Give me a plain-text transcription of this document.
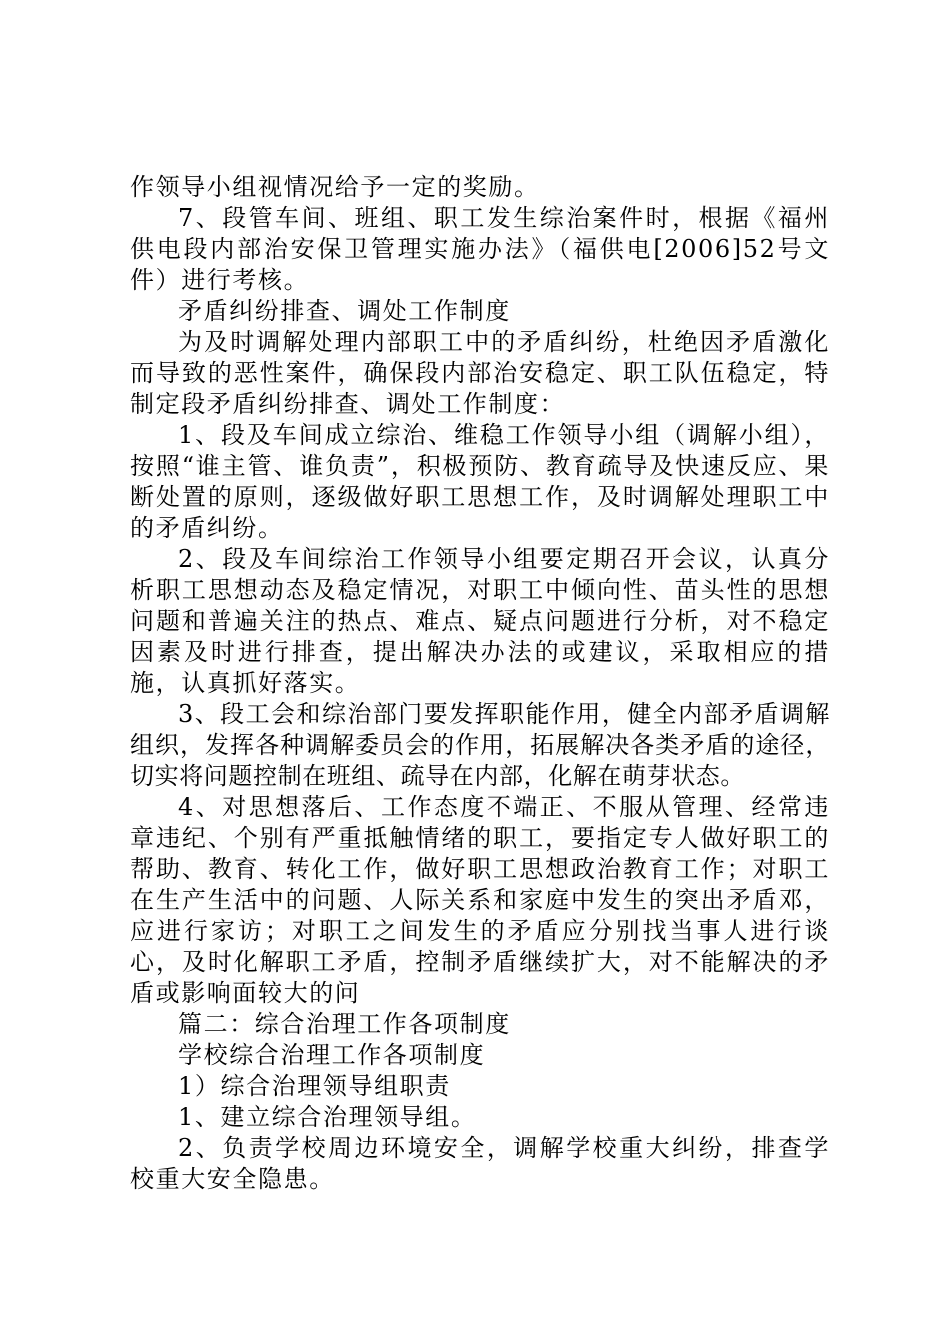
作领导小组视情况给予一定的奖励。

7、段管车间、班组、职工发生综治案件时，根据《福州供电段内部治安保卫管理实施办法》（福供电[2006]52号文件）进行考核。

矛盾纠纷排查、调处工作制度

为及时调解处理内部职工中的矛盾纠纷，杜绝因矛盾激化而导致的恶性案件，确保段内部治安稳定、职工队伍稳定，特制定段矛盾纠纷排查、调处工作制度：

1、段及车间成立综治、维稳工作领导小组（调解小组），按照“谁主管、谁负责”，积极预防、教育疏导及快速反应、果断处置的原则，逐级做好职工思想工作，及时调解处理职工中的矛盾纠纷。

2、段及车间综治工作领导小组要定期召开会议，认真分析职工思想动态及稳定情况，对职工中倾向性、苗头性的思想问题和普遍关注的热点、难点、疑点问题进行分析，对不稳定因素及时进行排查，提出解决办法的或建议，采取相应的措施，认真抓好落实。

3、段工会和综治部门要发挥职能作用，健全内部矛盾调解组织，发挥各种调解委员会的作用，拓展解决各类矛盾的途径，切实将问题控制在班组、疏导在内部，化解在萌芽状态。

4、对思想落后、工作态度不端正、不服从管理、经常违章违纪、个别有严重抵触情绪的职工，要指定专人做好职工的帮助、教育、转化工作，做好职工思想政治教育工作；对职工在生产生活中的问题、人际关系和家庭中发生的突出矛盾邓，应进行家访；对职工之间发生的矛盾应分别找当事人进行谈心，及时化解职工矛盾，控制矛盾继续扩大，对不能解决的矛盾或影响面较大的问

篇二：综合治理工作各项制度

学校综合治理工作各项制度

1）综合治理领导组职责

1、建立综合治理领导组。

2、负责学校周边环境安全，调解学校重大纠纷，排查学校重大安全隐患。
